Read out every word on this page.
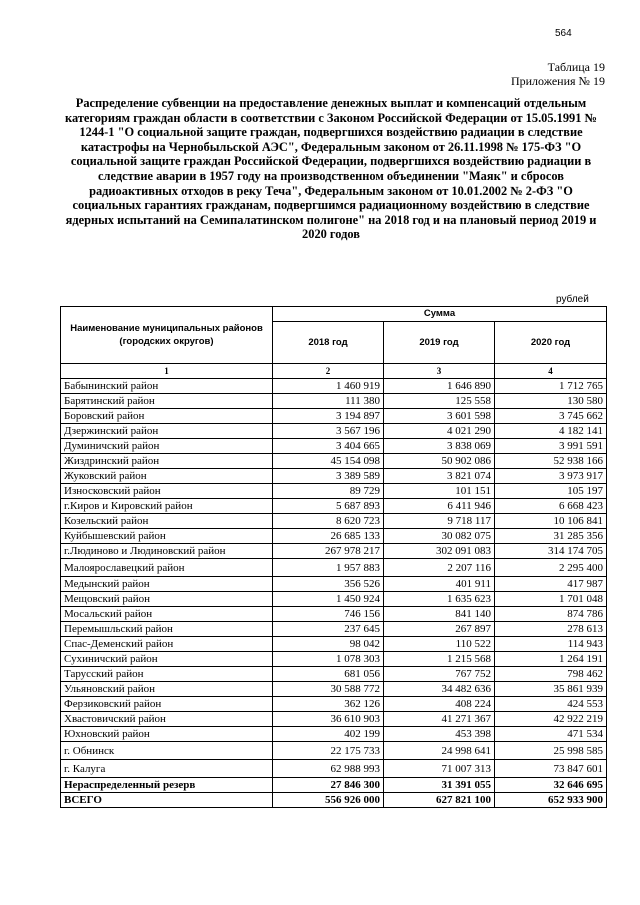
564
Таблица 19
Приложения № 19
Распределение субвенции на предоставление денежных выплат и компенсаций отдельным категориям граждан области в соответствии с Законом Российской Федерации от 15.05.1991 № 1244-1 "О социальной защите граждан, подвергшихся воздействию радиации в следствие катастрофы на Чернобыльской АЭС", Федеральным законом от 26.11.1998 № 175-ФЗ "О социальной защите граждан Российской Федерации, подвергшихся воздействию радиации в следствие аварии в 1957 году на производственном объединении "Маяк" и сбросов радиоактивных отходов в реку Теча", Федеральным законом от 10.01.2002 № 2-ФЗ "О социальных гарантиях гражданам, подвергшимся радиационному воздействию в следствие ядерных испытаний на Семипалатинском полигоне" на 2018 год и на плановый период 2019 и 2020 годов
рублей
Наименование муниципальных районов (городских округов)	Сумма		
	2018 год	2019 год	2020 год
1	2	3	4
Бабынинский район	1 460 919	1 646 890	1 712 765
Барятинский район	111 380	125 558	130 580
Боровский район	3 194 897	3 601 598	3 745 662
Дзержинский район	3 567 196	4 021 290	4 182 141
Думиничский район	3 404 665	3 838 069	3 991 591
Жиздринский район	45 154 098	50 902 086	52 938 166
Жуковский район	3 389 589	3 821 074	3 973 917
Износковский район	89 729	101 151	105 197
г.Киров и Кировский район	5 687 893	6 411 946	6 668 423
Козельский район	8 620 723	9 718 117	10 106 841
Куйбышевский район	26 685 133	30 082 075	31 285 356
г.Людиново и Людиновский район	267 978 217	302 091 083	314 174 705
Малоярославецкий район	1 957 883	2 207 116	2 295 400
Медынский район	356 526	401 911	417 987
Мещовский район	1 450 924	1 635 623	1 701 048
Мосальский район	746 156	841 140	874 786
Перемышльский район	237 645	267 897	278 613
Спас-Деменский район	98 042	110 522	114 943
Сухиничский район	1 078 303	1 215 568	1 264 191
Тарусский район	681 056	767 752	798 462
Ульяновский район	30 588 772	34 482 636	35 861 939
Ферзиковский район	362 126	408 224	424 553
Хвастовичский район	36 610 903	41 271 367	42 922 219
Юхновский район	402 199	453 398	471 534
г. Обнинск	22 175 733	24 998 641	25 998 585
г. Калуга	62 988 993	71 007 313	73 847 601
Нераспределенный резерв	27 846 300	31 391 055	32 646 695
ВСЕГО	556 926 000	627 821 100	652 933 900
